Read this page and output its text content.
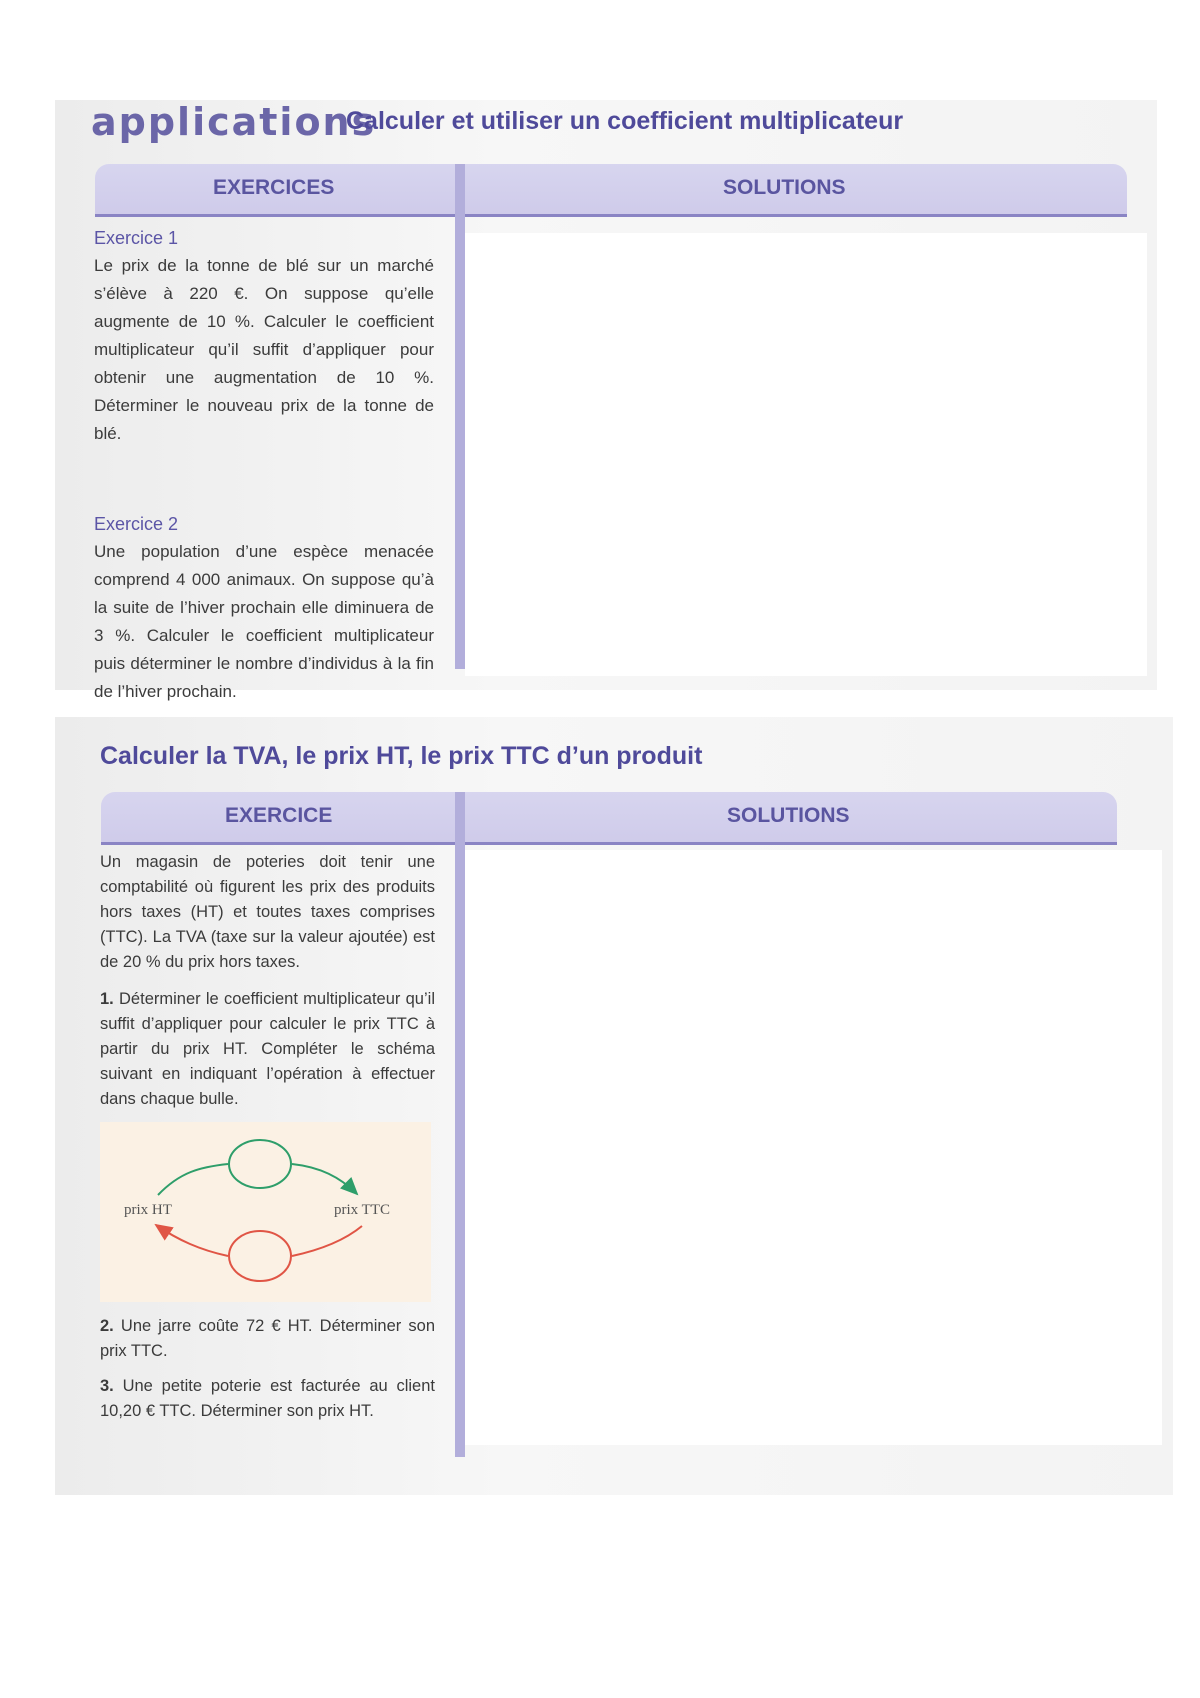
applications
Calculer et utiliser un coefficient multiplicateur
EXERCICES	SOLUTIONS

Exercice 1

Le prix de la tonne de blé sur un marché s’élève à 220 €. On suppose qu’elle augmente de 10 %. Calculer le coefficient multiplicateur qu’il suffit d’appliquer pour obtenir une augmentation de 10 %. Déterminer le nouveau prix de la tonne de blé.

Exercice 2

Une population d’une espèce menacée comprend 4 000 animaux. On suppose qu’à la suite de l’hiver prochain elle diminuera de 3 %. Calculer le coefficient multiplicateur puis déterminer le nombre d’individus à la fin de l’hiver prochain.

Calculer la TVA, le prix HT, le prix TTC d’un produit
EXERCICE	SOLUTIONS

Un magasin de poteries doit tenir une comptabilité où figurent les prix des produits hors taxes (HT) et toutes taxes comprises (TTC). La TVA (taxe sur la valeur ajoutée) est de 20 % du prix hors taxes.

1. Déterminer le coefficient multiplicateur qu’il suffit d’appliquer pour calculer le prix TTC à partir du prix HT. Compléter le schéma suivant en indiquant l’opération à effectuer dans chaque bulle.

prix HT	prix TTC

2. Une jarre coûte 72 € HT. Déterminer son prix TTC.

3. Une petite poterie est facturée au client 10,20 € TTC. Déterminer son prix HT.
